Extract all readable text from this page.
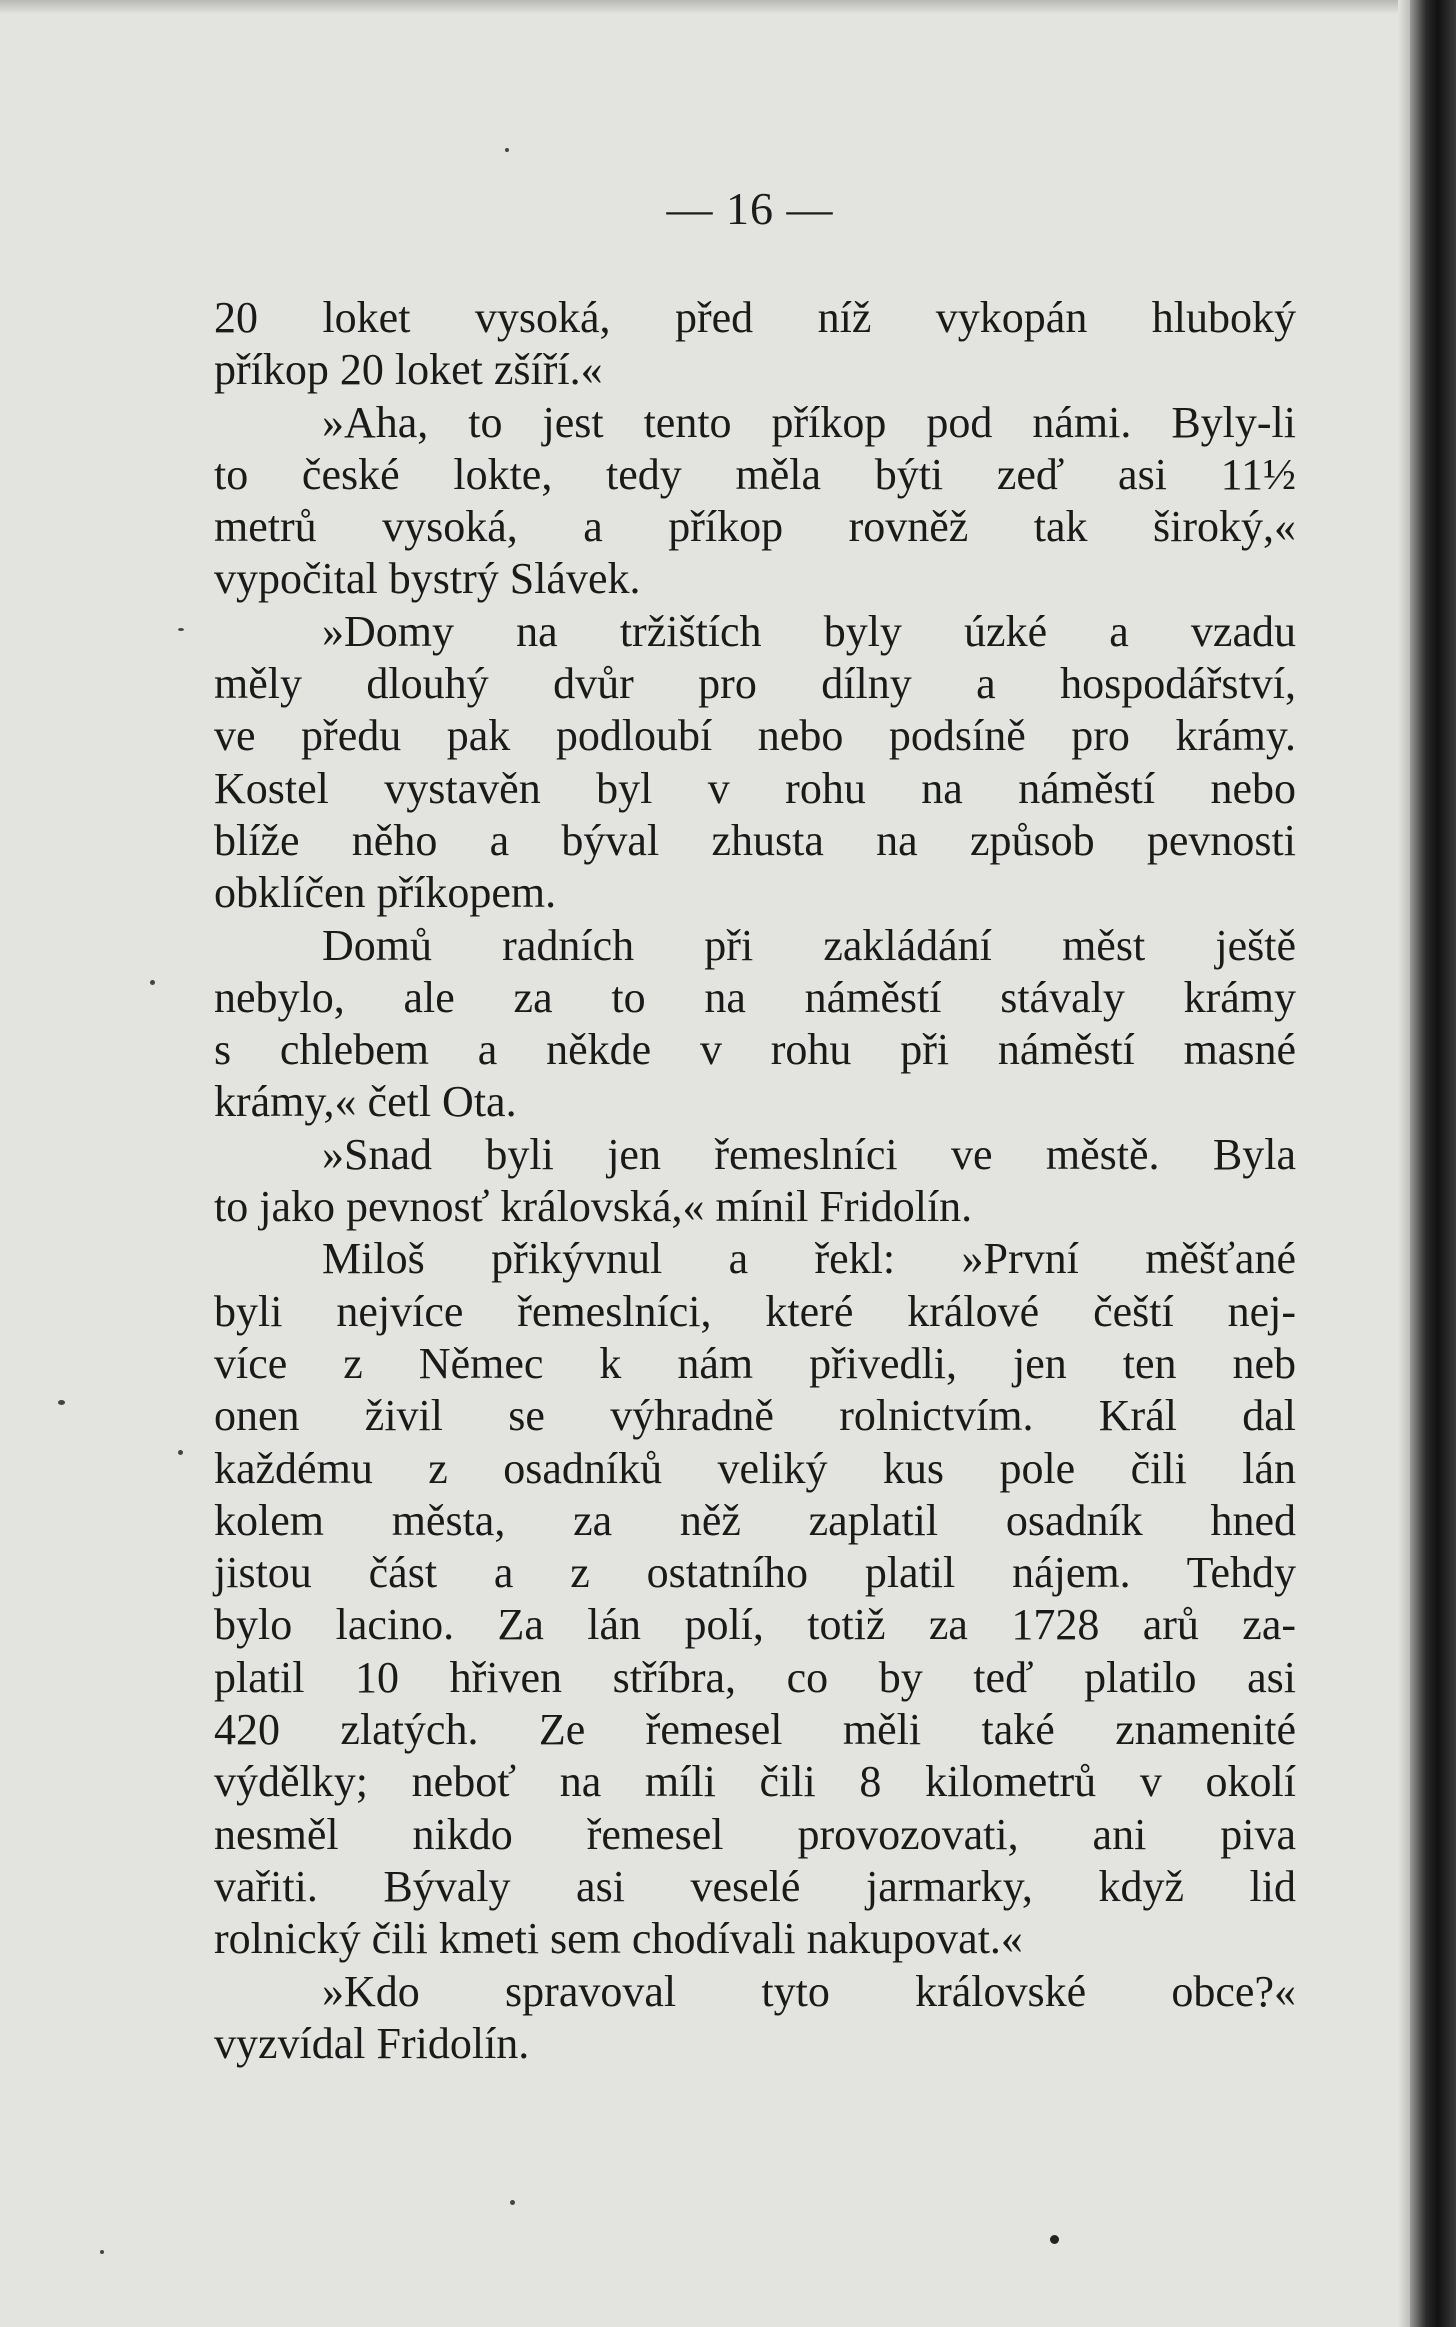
— 16 —
20 loket vysoká, před níž vykopán hluboký
příkop 20 loket zšíří.«
»Aha, to jest tento příkop pod námi. Byly-li
to české lokte, tedy měla býti zeď asi 11½
metrů vysoká, a příkop rovněž tak široký,«
vypočital bystrý Slávek.
»Domy na tržištích byly úzké a vzadu
měly dlouhý dvůr pro dílny a hospodářství,
ve předu pak podloubí nebo podsíně pro krámy.
Kostel vystavěn byl v rohu na náměstí nebo
blíže něho a býval zhusta na způsob pevnosti
obklíčen příkopem.
Domů radních při zakládání měst ještě
nebylo, ale za to na náměstí stávaly krámy
s chlebem a někde v rohu při náměstí masné
krámy,« četl Ota.
»Snad byli jen řemeslníci ve městě. Byla
to jako pevnosť královská,« mínil Fridolín.
Miloš přikývnul a řekl: »První měšťané
byli nejvíce řemeslníci, které králové čeští nej-
více z Němec k nám přivedli, jen ten neb
onen živil se výhradně rolnictvím. Král dal
každému z osadníků veliký kus pole čili lán
kolem města, za něž zaplatil osadník hned
jistou část a z ostatního platil nájem. Tehdy
bylo lacino. Za lán polí, totiž za 1728 arů za-
platil 10 hřiven stříbra, co by teď platilo asi
420 zlatých. Ze řemesel měli také znamenité
výdělky; neboť na míli čili 8 kilometrů v okolí
nesměl nikdo řemesel provozovati, ani piva
vařiti. Bývaly asi veselé jarmarky, když lid
rolnický čili kmeti sem chodívali nakupovat.«
»Kdo spravoval tyto královské obce?«
vyzvídal Fridolín.
